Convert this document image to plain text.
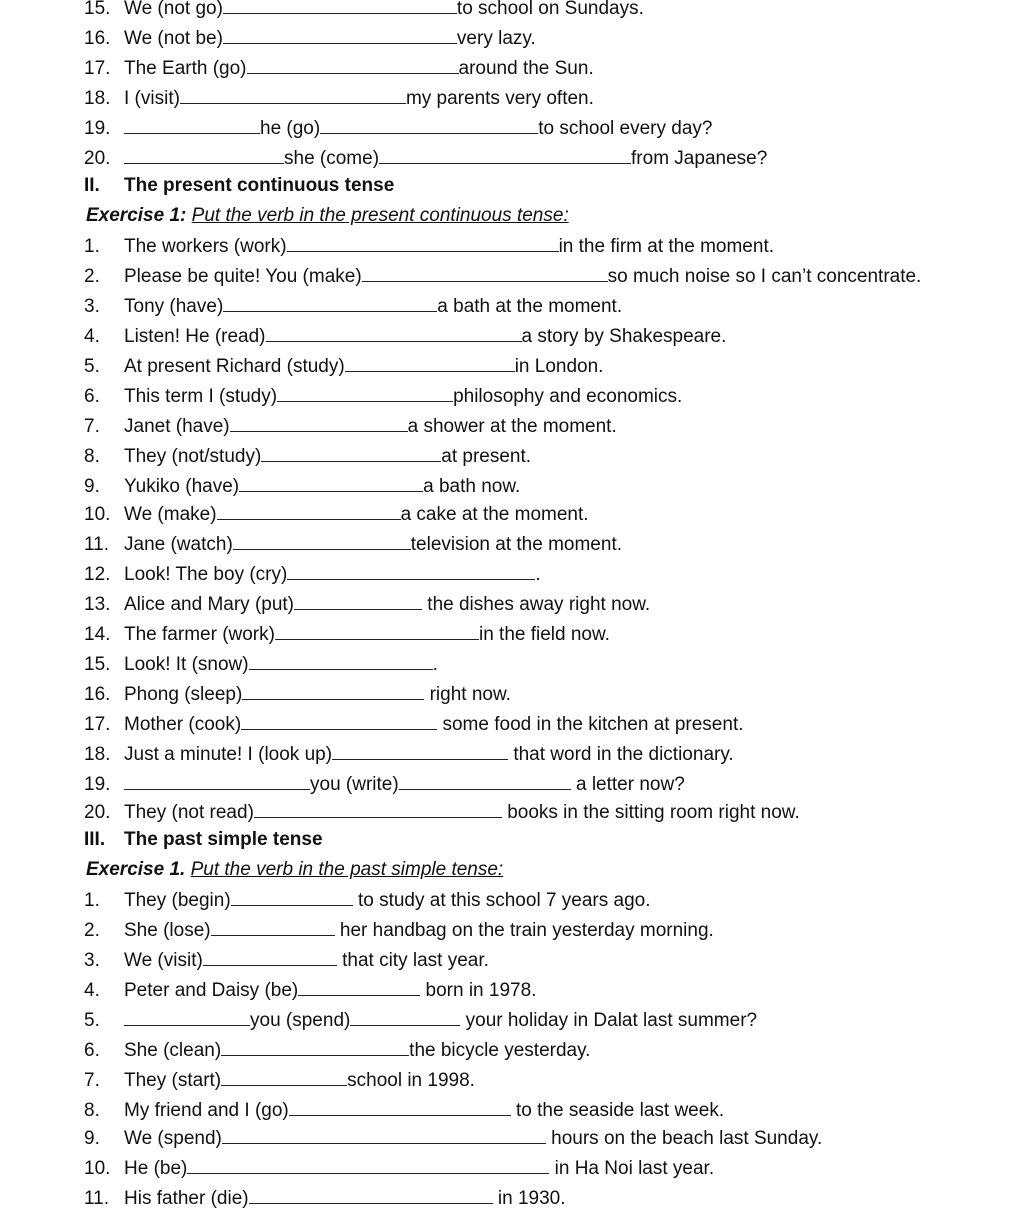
15. We (not go)	to school on Sundays.
16. We (not be)	very lazy.
17. The Earth (go)	around the Sun.
18. I (visit)	my parents very often.
19.	he (go)	to school every day?
20.	she (come)	from Japanese?
II. The present continuous tense
Exercise 1: Put the verb in the present continuous tense:
1. The workers (work)	in the firm at the moment.
2. Please be quite! You (make)	so much noise so I can’t concentrate.
3. Tony (have)	a bath at the moment.
4. Listen! He (read)	a story by Shakespeare.
5. At present Richard (study)	in London.
6. This term I (study)	philosophy and economics.
7. Janet (have)	a shower at the moment.
8. They (not/study)	at present.
9. Yukiko (have)	a bath now.
10. We (make)	a cake at the moment.
11. Jane (watch)	television at the moment.
12. Look! The boy (cry)	.
13. Alice and Mary (put)	the dishes away right now.
14. The farmer (work)	in the field now.
15. Look! It (snow)	.
16. Phong (sleep)	right now.
17. Mother (cook)	some food in the kitchen at present.
18. Just a minute! I (look up)	that word in the dictionary.
19.	you (write)	a letter now?
20. They (not read)	books in the sitting room right now.
III. The past simple tense
Exercise 1. Put the verb in the past simple tense:
1. They (begin)	to study at this school 7 years ago.
2. She (lose)	her handbag on the train yesterday morning.
3. We (visit)	that city last year.
4. Peter and Daisy (be)	born in 1978.
5.	you (spend)	your holiday in Dalat last summer?
6. She (clean)	the bicycle yesterday.
7. They (start)	school in 1998.
8. My friend and I (go)	to the seaside last week.
9. We (spend)	hours on the beach last Sunday.
10. He (be)	in Ha Noi last year.
11. His father (die)	in 1930.
